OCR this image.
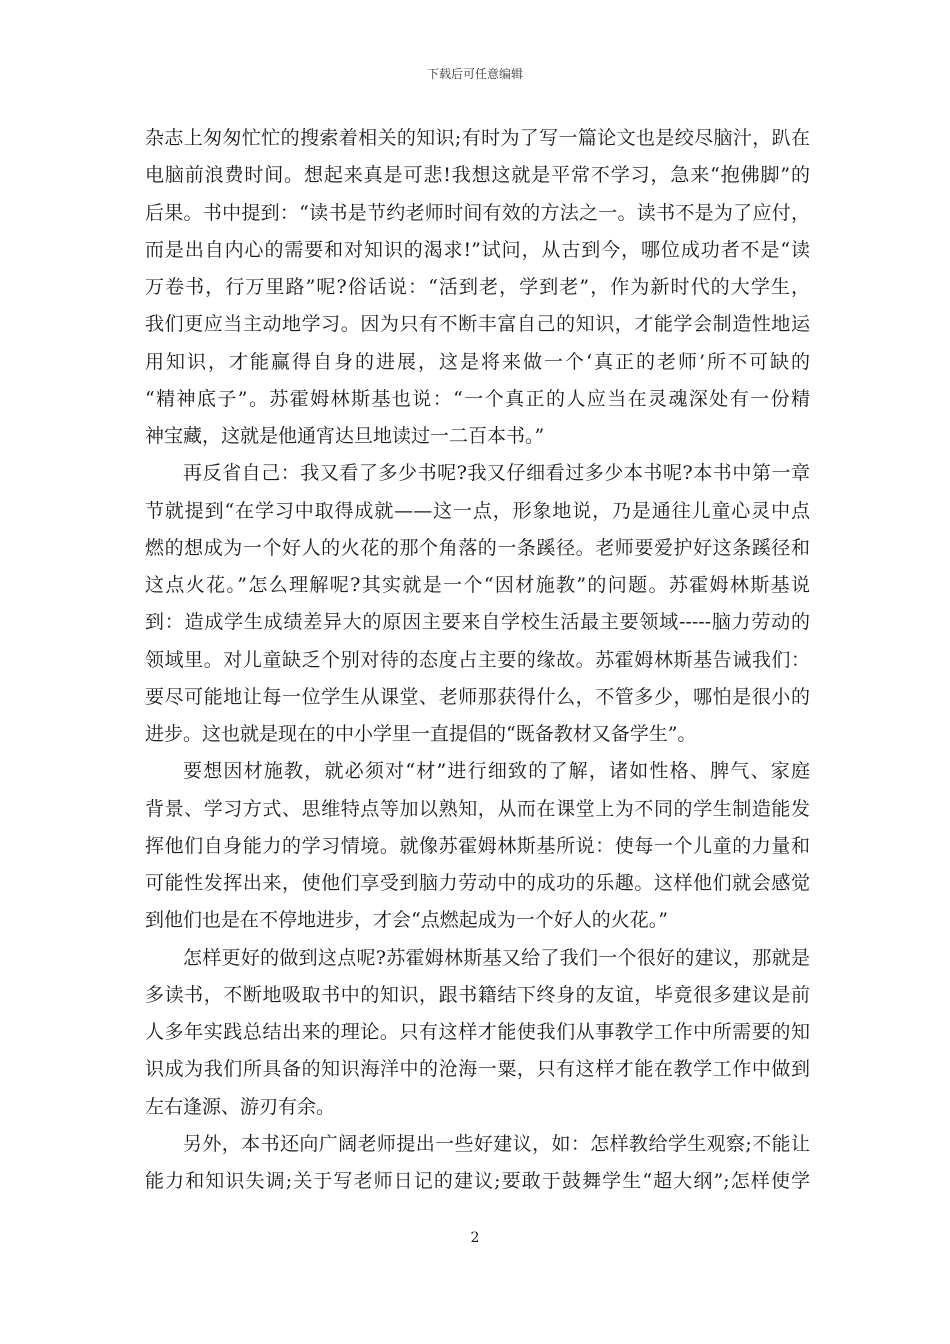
下载后可任意编辑
杂志上匆匆忙忙的搜索着相关的知识;有时为了写一篇论文也是绞尽脑汁，趴在
电脑前浪费时间。想起来真是可悲!我想这就是平常不学习，急来“抱佛脚”的
后果。书中提到：“读书是节约老师时间有效的方法之一。读书不是为了应付，
而是出自内心的需要和对知识的渴求!”试问，从古到今，哪位成功者不是“读
万卷书，行万里路”呢?俗话说：“活到老，学到老”，作为新时代的大学生，
我们更应当主动地学习。因为只有不断丰富自己的知识，才能学会制造性地运
用知识，才能赢得自身的进展，这是将来做一个‘真正的老师’所不可缺的
“精神底子”。苏霍姆林斯基也说：“一个真正的人应当在灵魂深处有一份精
神宝藏，这就是他通宵达旦地读过一二百本书。”
再反省自己：我又看了多少书呢?我又仔细看过多少本书呢?本书中第一章
节就提到“在学习中取得成就——这一点，形象地说，乃是通往儿童心灵中点
燃的想成为一个好人的火花的那个角落的一条蹊径。老师要爱护好这条蹊径和
这点火花。”怎么理解呢?其实就是一个“因材施教”的问题。苏霍姆林斯基说
到：造成学生成绩差异大的原因主要来自学校生活最主要领域-----脑力劳动的
领域里。对儿童缺乏个别对待的态度占主要的缘故。苏霍姆林斯基告诫我们：
要尽可能地让每一位学生从课堂、老师那获得什么，不管多少，哪怕是很小的
进步。这也就是现在的中小学里一直提倡的“既备教材又备学生”。
要想因材施教，就必须对“材”进行细致的了解，诸如性格、脾气、家庭
背景、学习方式、思维特点等加以熟知，从而在课堂上为不同的学生制造能发
挥他们自身能力的学习情境。就像苏霍姆林斯基所说：使每一个儿童的力量和
可能性发挥出来，使他们享受到脑力劳动中的成功的乐趣。这样他们就会感觉
到他们也是在不停地进步，才会“点燃起成为一个好人的火花。”
怎样更好的做到这点呢?苏霍姆林斯基又给了我们一个很好的建议，那就是
多读书，不断地吸取书中的知识，跟书籍结下终身的友谊，毕竟很多建议是前
人多年实践总结出来的理论。只有这样才能使我们从事教学工作中所需要的知
识成为我们所具备的知识海洋中的沧海一粟，只有这样才能在教学工作中做到
左右逢源、游刃有余。
另外，本书还向广阔老师提出一些好建议，如：怎样教给学生观察;不能让
能力和知识失调;关于写老师日记的建议;要敢于鼓舞学生“超大纲”;怎样使学
2
